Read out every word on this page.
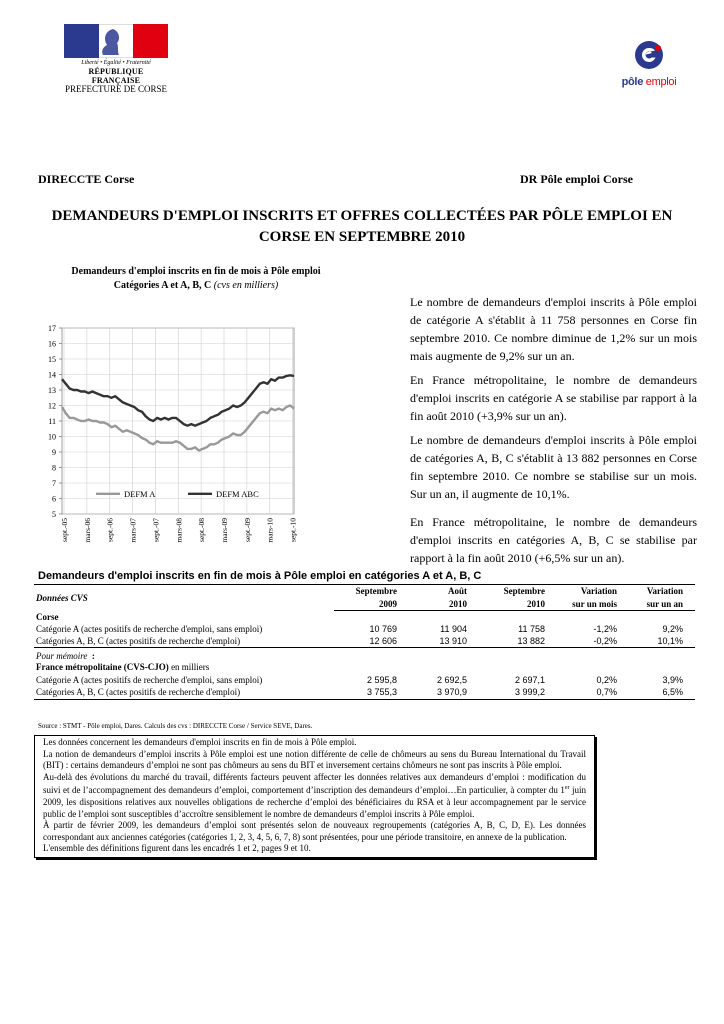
Liberté • Égalité • Fraternité
RÉPUBLIQUE FRANÇAISE
PREFECTURE DE CORSE
pôle emploi
DIRECCTE Corse	DR Pôle emploi Corse
DEMANDEURS D'EMPLOI INSCRITS ET OFFRES COLLECTÉES PAR PÔLE EMPLOI EN
CORSE EN SEPTEMBRE 2010
Demandeurs d'emploi inscrits en fin de mois à Pôle emploi
Catégories A et A, B, C (cvs en milliers)
5
6
7
8
9
10
11
12
13
14
15
16
17
sept.-05 mars-06 sept.-06 mars-07 sept.-07 mars-08 sept.-08 mars-09 sept.-09 mars-10 sept.-10
DEFM A	DEFM ABC

Le nombre de demandeurs d'emploi inscrits à Pôle emploi de catégorie A s'établit à 11 758 personnes en Corse fin septembre 2010. Ce nombre diminue de 1,2% sur un mois mais augmente de 9,2% sur un an.

En France métropolitaine, le nombre de demandeurs d'emploi inscrits en catégorie A se stabilise par rapport à la fin août 2010 (+3,9% sur un an).

Le nombre de demandeurs d'emploi inscrits à Pôle emploi de catégories A, B, C s'établit à 13 882 personnes en Corse fin septembre 2010. Ce nombre se stabilise sur un mois. Sur un an, il augmente de 10,1%.

En France métropolitaine, le nombre de demandeurs d'emploi inscrits en catégories A, B, C se stabilise par rapport à la fin août 2010 (+6,5% sur un an).

Demandeurs d'emploi inscrits en fin de mois à Pôle emploi en catégories A et A, B, C
Données CVS	Septembre	Août	Septembre	Variation	Variation
	2009	2010	2010	sur un mois	sur un an
Corse					
Catégorie A (actes positifs de recherche d'emploi, sans emploi)	10 769	11 904	11 758	-1,2%	9,2%
Catégories A, B, C (actes positifs de recherche d'emploi)	12 606	13 910	13 882	-0,2%	10,1%
Pour mémoire :					
France métropolitaine (CVS-CJO) en milliers					
Catégorie A (actes positifs de recherche d'emploi, sans emploi)	2 595,8	2 692,5	2 697,1	0,2%	3,9%
Catégories A, B, C (actes positifs de recherche d'emploi)	3 755,3	3 970,9	3 999,2	0,7%	6,5%
Source : STMT - Pôle emploi, Dares. Calculs des cvs : DIRECCTE Corse / Service SEVE, Dares.

Les données concernent les demandeurs d'emploi inscrits en fin de mois à Pôle emploi.

La notion de demandeurs d’emploi inscrits à Pôle emploi est une notion différente de celle de chômeurs au sens du Bureau International du Travail (BIT) : certains demandeurs d’emploi ne sont pas chômeurs au sens du BIT et inversement certains chômeurs ne sont pas inscrits à Pôle emploi.

Au-delà des évolutions du marché du travail, différents facteurs peuvent affecter les données relatives aux demandeurs d’emploi : modification du suivi et de l’accompagnement des demandeurs d’emploi, comportement d’inscription des demandeurs d’emploi…En particulier, à compter du 1er juin 2009, les dispositions relatives aux nouvelles obligations de recherche d’emploi des bénéficiaires du RSA et à leur accompagnement par le service public de l’emploi sont susceptibles d’accroître sensiblement le nombre de demandeurs d’emploi inscrits à Pôle emploi.

À partir de février 2009, les demandeurs d’emploi sont présentés selon de nouveaux regroupements (catégories A, B, C, D, E). Les données correspondant aux anciennes catégories (catégories 1, 2, 3, 4, 5, 6, 7, 8) sont présentées, pour une période transitoire, en annexe de la publication.

L'ensemble des définitions figurent dans les encadrés 1 et 2, pages 9 et 10.
